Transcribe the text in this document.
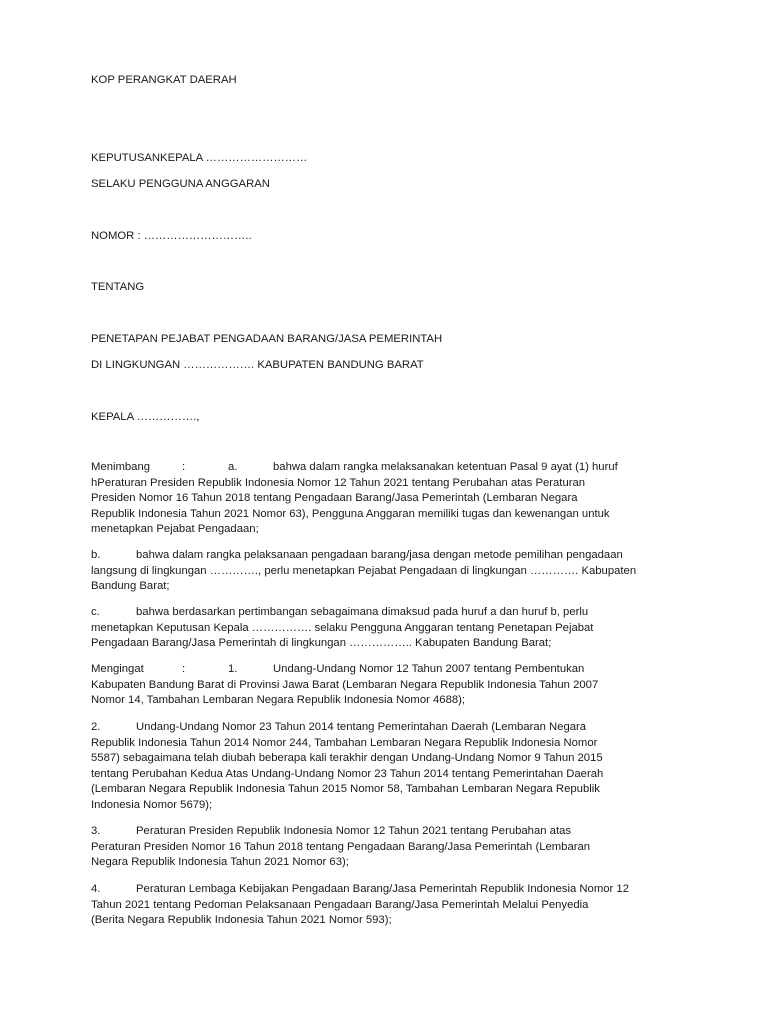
KOP PERANGKAT DAERAH
KEPUTUSANKEPALA ………………………
SELAKU PENGGUNA ANGGARAN
NOMOR : ………………………..
TENTANG
PENETAPAN PEJABAT PENGADAAN BARANG/JASA PEMERINTAH
DI LINGKUNGAN ………………. KABUPATEN BANDUNG BARAT
KEPALA …………….,
Menimbang	:	a.	bahwa dalam rangka melaksanakan ketentuan Pasal 9 ayat (1) huruf
hPeraturan Presiden Republik Indonesia Nomor 12 Tahun 2021 tentang Perubahan atas Peraturan
Presiden Nomor 16 Tahun 2018 tentang Pengadaan Barang/Jasa Pemerintah (Lembaran Negara
Republik Indonesia Tahun 2021 Nomor 63), Pengguna Anggaran memiliki tugas dan kewenangan untuk
menetapkan Pejabat Pengadaan;
b.	bahwa dalam rangka pelaksanaan pengadaan barang/jasa dengan metode pemilihan pengadaan
langsung di lingkungan …………., perlu menetapkan Pejabat Pengadaan di lingkungan …………. Kabupaten
Bandung Barat;
c.	bahwa berdasarkan pertimbangan sebagaimana dimaksud pada huruf a dan huruf b, perlu
menetapkan Keputusan Kepala ……………. selaku Pengguna Anggaran tentang Penetapan Pejabat
Pengadaan Barang/Jasa Pemerintah di lingkungan …………….. Kabupaten Bandung Barat;
Mengingat	:	1.	Undang-Undang Nomor 12 Tahun 2007 tentang Pembentukan
Kabupaten Bandung Barat di Provinsi Jawa Barat (Lembaran Negara Republik Indonesia Tahun 2007
Nomor 14, Tambahan Lembaran Negara Republik Indonesia Nomor 4688);
2.	Undang-Undang Nomor 23 Tahun 2014 tentang Pemerintahan Daerah (Lembaran Negara
Republik Indonesia Tahun 2014 Nomor 244, Tambahan Lembaran Negara Republik Indonesia Nomor
5587) sebagaimana telah diubah beberapa kali terakhir dengan Undang-Undang Nomor 9 Tahun 2015
tentang Perubahan Kedua Atas Undang-Undang Nomor 23 Tahun 2014 tentang Pemerintahan Daerah
(Lembaran Negara Republik Indonesia Tahun 2015 Nomor 58, Tambahan Lembaran Negara Republik
Indonesia Nomor 5679);
3.	Peraturan Presiden Republik Indonesia Nomor 12 Tahun 2021 tentang Perubahan atas
Peraturan Presiden Nomor 16 Tahun 2018 tentang Pengadaan Barang/Jasa Pemerintah (Lembaran
Negara Republik Indonesia Tahun 2021 Nomor 63);
4.	Peraturan Lembaga Kebijakan Pengadaan Barang/Jasa Pemerintah Republik Indonesia Nomor 12
Tahun 2021 tentang Pedoman Pelaksanaan Pengadaan Barang/Jasa Pemerintah Melalui Penyedia
(Berita Negara Republik Indonesia Tahun 2021 Nomor 593);
